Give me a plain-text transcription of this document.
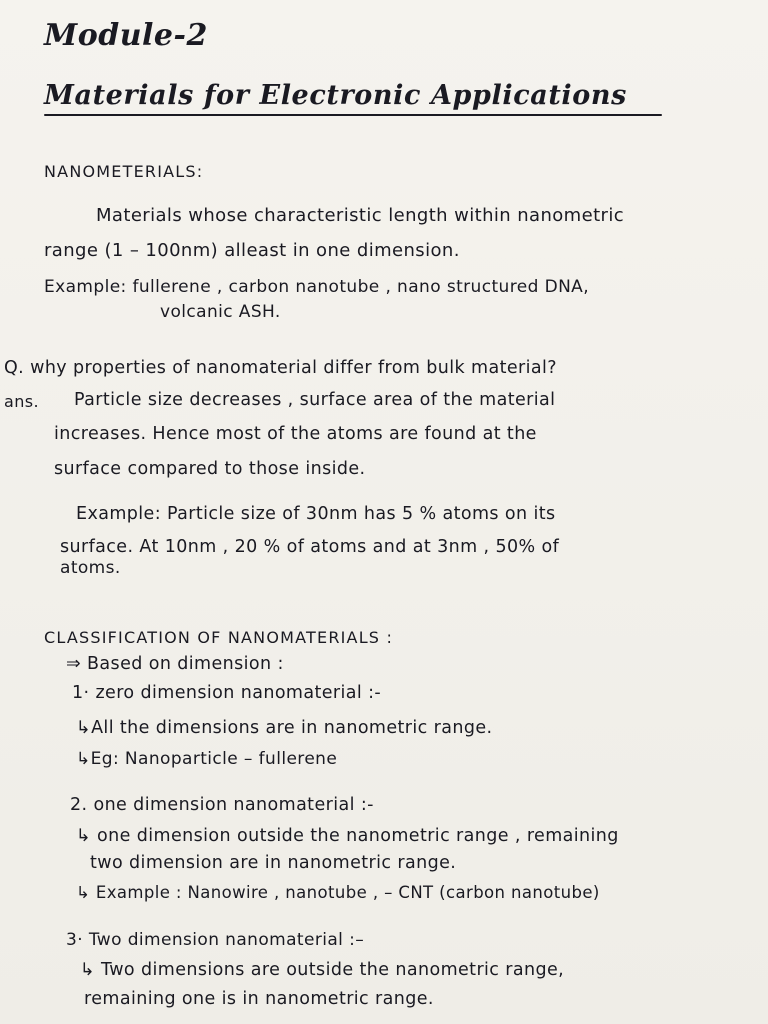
Module-2
Materials for Electronic Applications
NANOMETERIALS:
Materials whose characteristic length within nanometric
range (1 – 100nm) alleast in one dimension.
Example: fullerene , carbon nanotube , nano structured DNA,
volcanic ASH.
Q. why properties of nanomaterial differ from bulk material?
ans. Particle size decreases , surface area of the material
increases. Hence most of the atoms are found at the
surface compared to those inside.
Example: Particle size of 30nm has 5 % atoms on its
surface. At 10nm , 20 % of atoms and at 3nm , 50% of
atoms.
CLASSIFICATION OF NANOMATERIALS :
⇒ Based on dimension :
1· zero dimension nanomaterial :-
↳All the dimensions are in nanometric range.
↳Eg: Nanoparticle – fullerene
2. one dimension nanomaterial :-
↳ one dimension outside the nanometric range , remaining
two dimension are in nanometric range.
↳ Example : Nanowire , nanotube , – CNT (carbon nanotube)
3· Two dimension nanomaterial :–
↳ Two dimensions are outside the nanometric range,
remaining one is in nanometric range.
